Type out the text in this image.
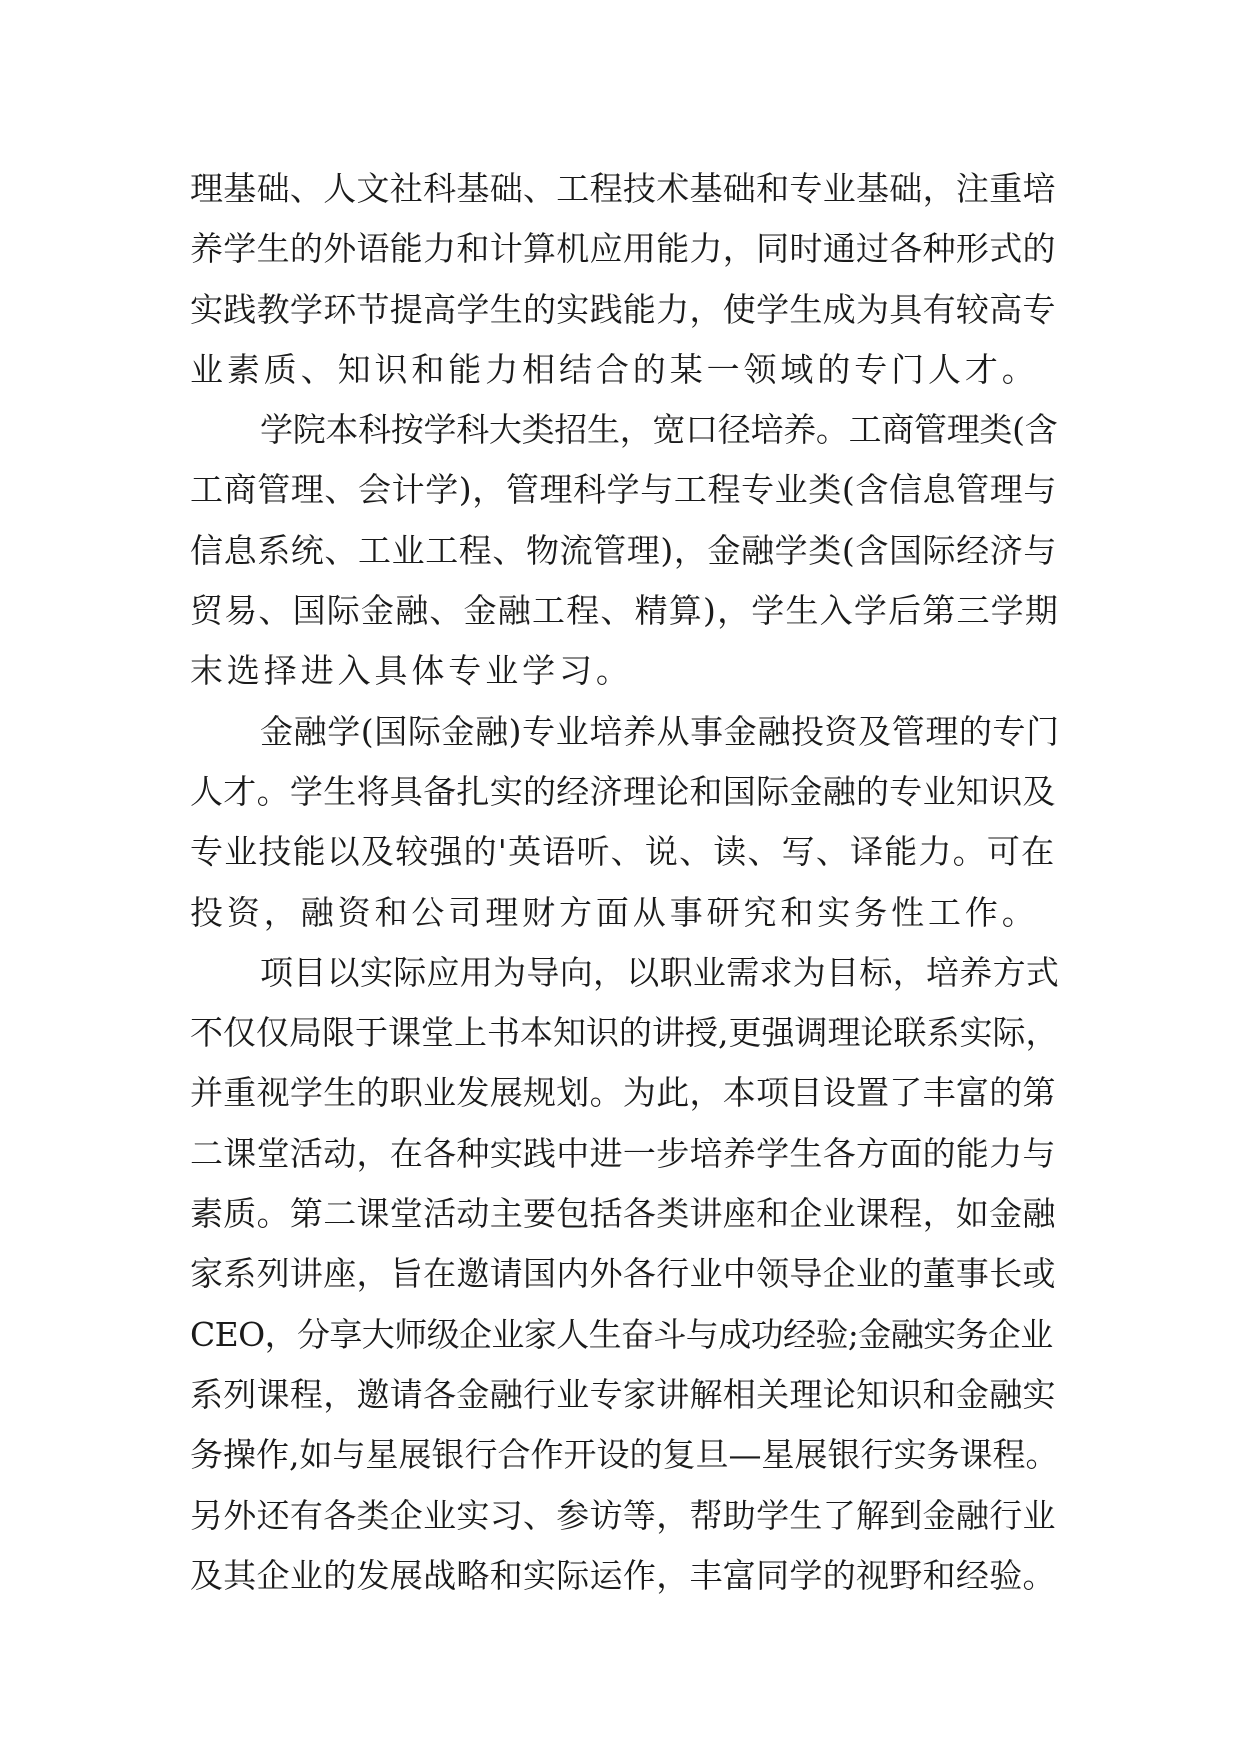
理基础、人文社科基础、工程技术基础和专业基础，注重培
养学生的外语能力和计算机应用能力，同时通过各种形式的
实践教学环节提高学生的实践能力，使学生成为具有较高专
业素质、知识和能力相结合的某一领域的专门人才。
学院本科按学科大类招生，宽口径培养。工商管理类(含
工商管理、会计学)，管理科学与工程专业类(含信息管理与
信息系统、工业工程、物流管理)，金融学类(含国际经济与
贸易、国际金融、金融工程、精算)，学生入学后第三学期
末选择进入具体专业学习。
金融学(国际金融)专业培养从事金融投资及管理的专门
人才。学生将具备扎实的经济理论和国际金融的专业知识及
专业技能以及较强的'英语听、说、读、写、译能力。可在
投资，融资和公司理财方面从事研究和实务性工作。
项目以实际应用为导向，以职业需求为目标，培养方式
不仅仅局限于课堂上书本知识的讲授,更强调理论联系实际，
并重视学生的职业发展规划。为此，本项目设置了丰富的第
二课堂活动，在各种实践中进一步培养学生各方面的能力与
素质。第二课堂活动主要包括各类讲座和企业课程，如金融
家系列讲座，旨在邀请国内外各行业中领导企业的董事长或
CEO，分享大师级企业家人生奋斗与成功经验;金融实务企业
系列课程，邀请各金融行业专家讲解相关理论知识和金融实
务操作,如与星展银行合作开设的复旦—星展银行实务课程。
另外还有各类企业实习、参访等，帮助学生了解到金融行业
及其企业的发展战略和实际运作，丰富同学的视野和经验。
